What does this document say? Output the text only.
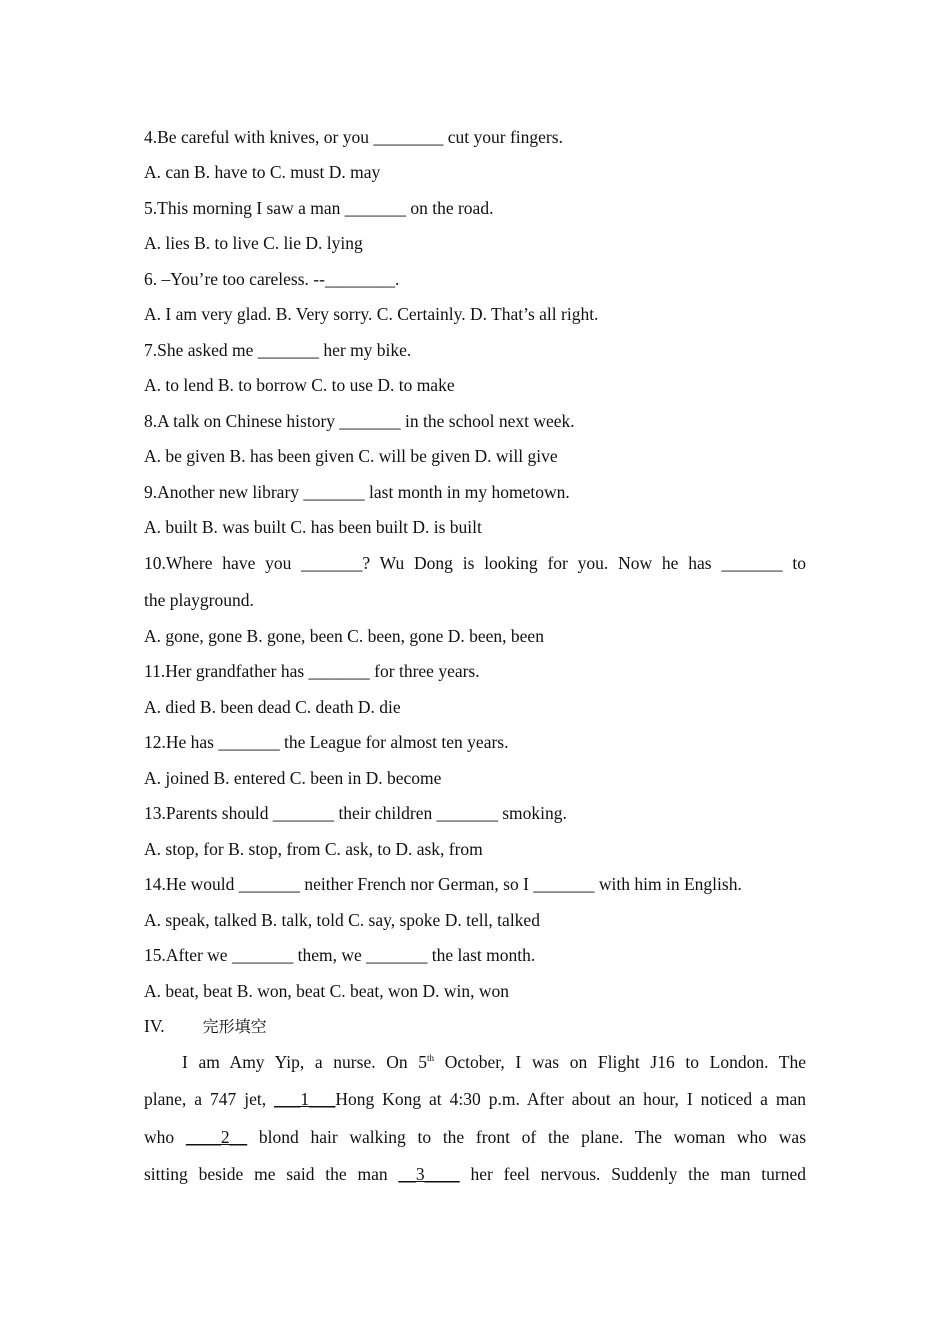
4.Be careful with knives, or you ________ cut your fingers.
A. can B. have to C. must D. may
5.This morning I saw a man _______ on the road.
A. lies B. to live C. lie D. lying
6. –You’re too careless. --________.
A. I am very glad. B. Very sorry. C. Certainly. D. That’s all right.
7.She asked me _______ her my bike.
A. to lend B. to borrow C. to use D. to make
8.A talk on Chinese history _______ in the school next week.
A. be given B. has been given C. will be given D. will give
9.Another new library _______ last month in my hometown.
A. built B. was built C. has been built D. is built
10.Where have you _______? Wu Dong is looking for you. Now he has _______ to
the playground.
A. gone, gone B. gone, been C. been, gone D. been, been
11.Her grandfather has _______ for three years.
A. died B. been dead C. death D. die
12.He has _______ the League for almost ten years.
A. joined B. entered C. been in D. become
13.Parents should _______ their children _______ smoking.
A. stop, for B. stop, from C. ask, to D. ask, from
14.He would _______ neither French nor German, so I _______ with him in English.
A. speak, talked B. talk, told C. say, spoke D. tell, talked
15.After we _______ them, we _______ the last month.
A. beat, beat B. won, beat C. beat, won D. win, won
IV. 完形填空
I am Amy Yip, a nurse. On 5th October, I was on Flight J16 to London. The
plane, a 747 jet, ___1___Hong Kong at 4:30 p.m. After about an hour, I noticed a man
who ____2__ blond hair walking to the front of the plane. The woman who was
sitting beside me said the man __3____ her feel nervous. Suddenly the man turned
